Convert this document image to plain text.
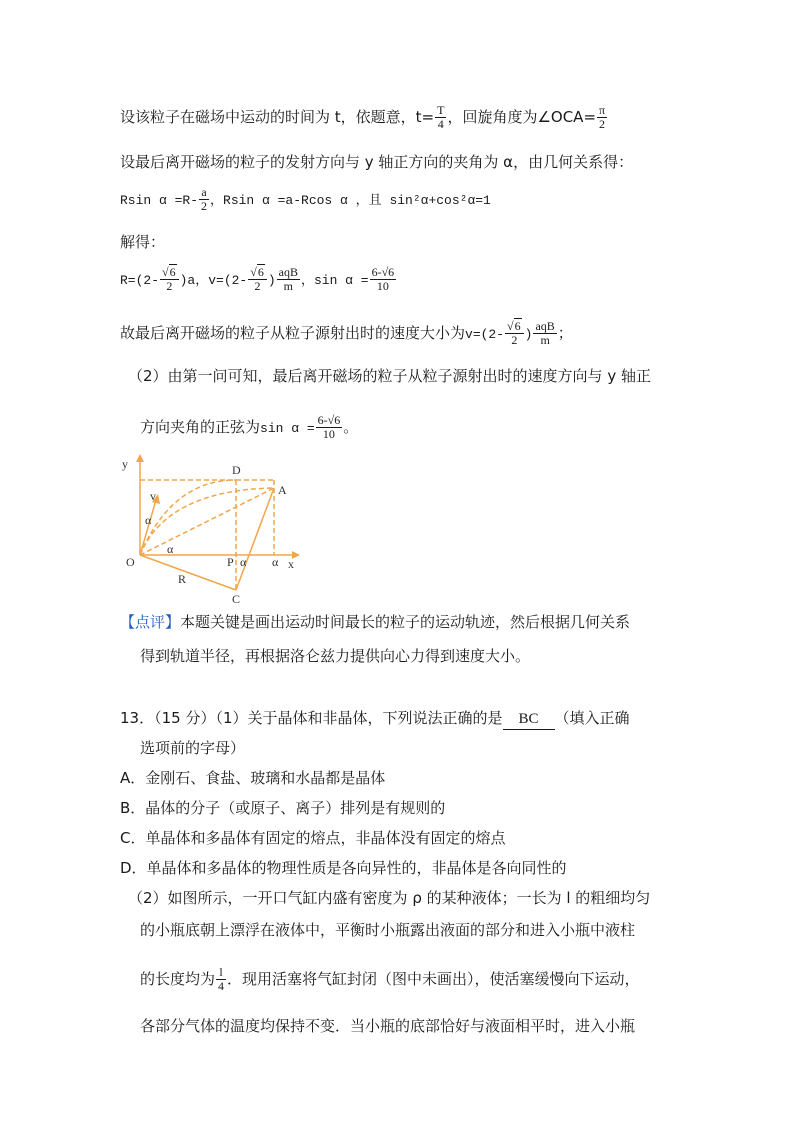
设该粒子在磁场中运动的时间为 t，依题意，$t= \frac{T}{4}$ ，回旋角度为∠OCA= $\frac{\pi}{2}$
设最后离开磁场的粒子的发射方向与 y 轴正方向的夹角为 α，由几何关系得：
Rsin $\alpha =R- \frac{a}{2}$ ，Rsin α =a-Rcos α ，且 sin²α+cos²α=1
解得：
$R=(2- \frac{√6}{2} )a$，$v=(2- \frac{√6}{2}$ )
aqB
m ，$\sin \alpha = \frac{6-√6}{10}$
故最后离开磁场的粒子从粒子源射出时的速度大小为$v=(2- \frac{√6}{2}$ )
aqB
m ；
（2）由第一问可知，最后离开磁场的粒子从粒子源射出时的速度方向与 y 轴正
方向夹角的正弦为$\sin \alpha = \frac{6-√6}{10}$ 。
y
x
O
D
A
P
C
R
v
α
α
α α
【点评】本题关键是画出运动时间最长的粒子的运动轨迹，然后根据几何关系
得到轨道半径，再根据洛仑兹力提供向心力得到速度大小。
13．（15 分）（1）关于晶体和非晶体，下列说法正确的是 BC （填入正确
选项前的字母）
A．金刚石、食盐、玻璃和水晶都是晶体
B．晶体的分子（或原子、离子）排列是有规则的
C．单晶体和多晶体有固定的熔点，非晶体没有固定的熔点
D．单晶体和多晶体的物理性质是各向异性的，非晶体是各向同性的
（2）如图所示，一开口气缸内盛有密度为 ρ 的某种液体；一长为 l 的粗细均匀
的小瓶底朝上漂浮在液体中，平衡时小瓶露出液面的部分和进入小瓶中液柱
的长度均为 $\frac{l}{4}$ ．现用活塞将气缸封闭（图中未画出），使活塞缓慢向下运动，
各部分气体的温度均保持不变．当小瓶的底部恰好与液面相平时，进入小瓶
